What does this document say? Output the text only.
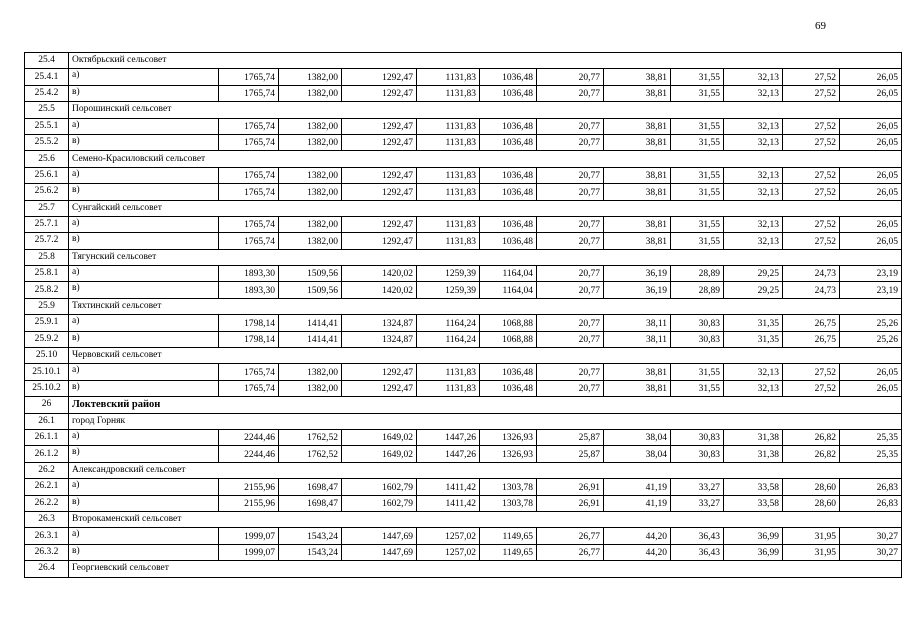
69
25.4	Октябрьский сельсовет											
25.4.1	а)	1765,74	1382,00	1292,47	1131,83	1036,48	20,77	38,81	31,55	32,13	27,52	26,05
25.4.2	в)	1765,74	1382,00	1292,47	1131,83	1036,48	20,77	38,81	31,55	32,13	27,52	26,05
25.5	Порошинский сельсовет											
25.5.1	а)	1765,74	1382,00	1292,47	1131,83	1036,48	20,77	38,81	31,55	32,13	27,52	26,05
25.5.2	в)	1765,74	1382,00	1292,47	1131,83	1036,48	20,77	38,81	31,55	32,13	27,52	26,05
25.6	Семено-Красиловский сельсовет											
25.6.1	а)	1765,74	1382,00	1292,47	1131,83	1036,48	20,77	38,81	31,55	32,13	27,52	26,05
25.6.2	в)	1765,74	1382,00	1292,47	1131,83	1036,48	20,77	38,81	31,55	32,13	27,52	26,05
25.7	Сунгайский сельсовет											
25.7.1	а)	1765,74	1382,00	1292,47	1131,83	1036,48	20,77	38,81	31,55	32,13	27,52	26,05
25.7.2	в)	1765,74	1382,00	1292,47	1131,83	1036,48	20,77	38,81	31,55	32,13	27,52	26,05
25.8	Тягунский сельсовет											
25.8.1	а)	1893,30	1509,56	1420,02	1259,39	1164,04	20,77	36,19	28,89	29,25	24,73	23,19
25.8.2	в)	1893,30	1509,56	1420,02	1259,39	1164,04	20,77	36,19	28,89	29,25	24,73	23,19
25.9	Тяхтинский сельсовет											
25.9.1	а)	1798,14	1414,41	1324,87	1164,24	1068,88	20,77	38,11	30,83	31,35	26,75	25,26
25.9.2	в)	1798,14	1414,41	1324,87	1164,24	1068,88	20,77	38,11	30,83	31,35	26,75	25,26
25.10	Червовский сельсовет											
25.10.1	а)	1765,74	1382,00	1292,47	1131,83	1036,48	20,77	38,81	31,55	32,13	27,52	26,05
25.10.2	в)	1765,74	1382,00	1292,47	1131,83	1036,48	20,77	38,81	31,55	32,13	27,52	26,05
26	Локтевский район											
26.1	город Горняк											
26.1.1	а)	2244,46	1762,52	1649,02	1447,26	1326,93	25,87	38,04	30,83	31,38	26,82	25,35
26.1.2	в)	2244,46	1762,52	1649,02	1447,26	1326,93	25,87	38,04	30,83	31,38	26,82	25,35
26.2	Александровский сельсовет											
26.2.1	а)	2155,96	1698,47	1602,79	1411,42	1303,78	26,91	41,19	33,27	33,58	28,60	26,83
26.2.2	в)	2155,96	1698,47	1602,79	1411,42	1303,78	26,91	41,19	33,27	33,58	28,60	26,83
26.3	Второкаменский сельсовет											
26.3.1	а)	1999,07	1543,24	1447,69	1257,02	1149,65	26,77	44,20	36,43	36,99	31,95	30,27
26.3.2	в)	1999,07	1543,24	1447,69	1257,02	1149,65	26,77	44,20	36,43	36,99	31,95	30,27
26.4	Георгиевский сельсовет											
